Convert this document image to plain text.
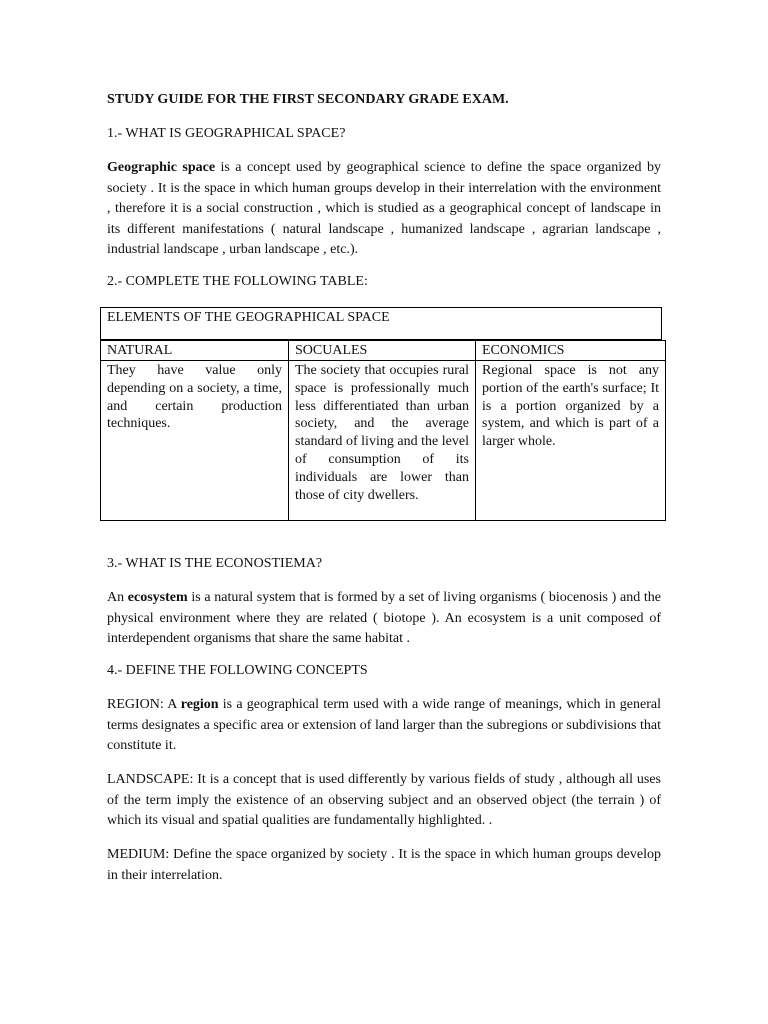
STUDY GUIDE FOR THE FIRST SECONDARY GRADE EXAM.
1.- WHAT IS GEOGRAPHICAL SPACE?
Geographic space is a concept used by geographical science to define the space organized by society . It is the space in which human groups develop in their interrelation with the environment , therefore it is a social construction , which is studied as a geographical concept of landscape in its different manifestations ( natural landscape , humanized landscape , agrarian landscape , industrial landscape , urban landscape , etc.).
2.- COMPLETE THE FOLLOWING TABLE:
ELEMENTS OF THE GEOGRAPHICAL SPACE
NATURAL	SOCUALES	ECONOMICS
They have value only depending on a society, a time, and certain production techniques.
The society that occupies rural space is professionally much less differentiated than urban society, and the average standard of living and the level of consumption of its individuals are lower than those of city dwellers.
Regional space is not any portion of the earth's surface; It is a portion organized by a system, and which is part of a larger whole.
3.- WHAT IS THE ECONOSTIEMA?
An ecosystem is a natural system that is formed by a set of living organisms ( biocenosis ) and the physical environment where they are related ( biotope ). An ecosystem is a unit composed of interdependent organisms that share the same habitat .
4.- DEFINE THE FOLLOWING CONCEPTS
REGION: A region is a geographical term used with a wide range of meanings, which in general terms designates a specific area or extension of land larger than the subregions or subdivisions that constitute it.
LANDSCAPE: It is a concept that is used differently by various fields of study , although all uses of the term imply the existence of an observing subject and an observed object (the terrain ) of which its visual and spatial qualities are fundamentally highlighted. .
MEDIUM: Define the space organized by society . It is the space in which human groups develop in their interrelation.
